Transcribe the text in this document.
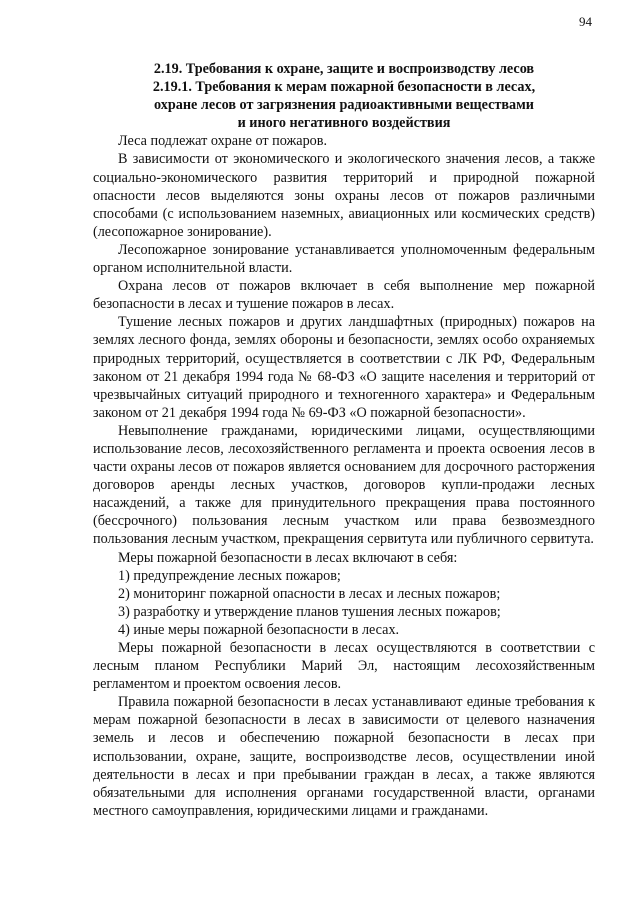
94
2.19. Требования к охране, защите и воспроизводству лесов
2.19.1. Требования к мерам пожарной безопасности в лесах,
охране лесов от загрязнения радиоактивными веществами
и иного негативного воздействия

Леса подлежат охране от пожаров.

В зависимости от экономического и экологического значения лесов, а также социально-экономического развития территорий и природной пожарной опасности лесов выделяются зоны охраны лесов от пожаров различными способами (с использованием наземных, авиационных или космических средств) (лесопожарное зонирование).

Лесопожарное зонирование устанавливается уполномоченным федеральным органом исполнительной власти.

Охрана лесов от пожаров включает в себя выполнение мер пожарной безопасности в лесах и тушение пожаров в лесах.

Тушение лесных пожаров и других ландшафтных (природных) пожаров на землях лесного фонда, землях обороны и безопасности, землях особо охраняемых природных территорий, осуществляется в соответствии с ЛК РФ, Федеральным законом от 21 декабря 1994 года № 68-ФЗ «О защите населения и территорий от чрезвычайных ситуаций природного и техногенного характера» и Федеральным законом от 21 декабря 1994 года № 69-ФЗ «О пожарной безопасности».

Невыполнение гражданами, юридическими лицами, осуществляющими использование лесов, лесохозяйственного регламента и проекта освоения лесов в части охраны лесов от пожаров является основанием для досрочного расторжения договоров аренды лесных участков, договоров купли-продажи лесных насаждений, а также для принудительного прекращения права постоянного (бессрочного) пользования лесным участком или права безвозмездного пользования лесным участком, прекращения сервитута или публичного сервитута.

Меры пожарной безопасности в лесах включают в себя:

1) предупреждение лесных пожаров;
2) мониторинг пожарной опасности в лесах и лесных пожаров;
3) разработку и утверждение планов тушения лесных пожаров;
4) иные меры пожарной безопасности в лесах.

Меры пожарной безопасности в лесах осуществляются в соответствии с лесным планом Республики Марий Эл, настоящим лесохозяйственным регламентом и проектом освоения лесов.

Правила пожарной безопасности в лесах устанавливают единые требования к мерам пожарной безопасности в лесах в зависимости от целевого назначения земель и лесов и обеспечению пожарной безопасности в лесах при использовании, охране, защите, воспроизводстве лесов, осуществлении иной деятельности в лесах и при пребывании граждан в лесах, а также являются обязательными для исполнения органами государственной власти, органами местного самоуправления, юридическими лицами и гражданами.
